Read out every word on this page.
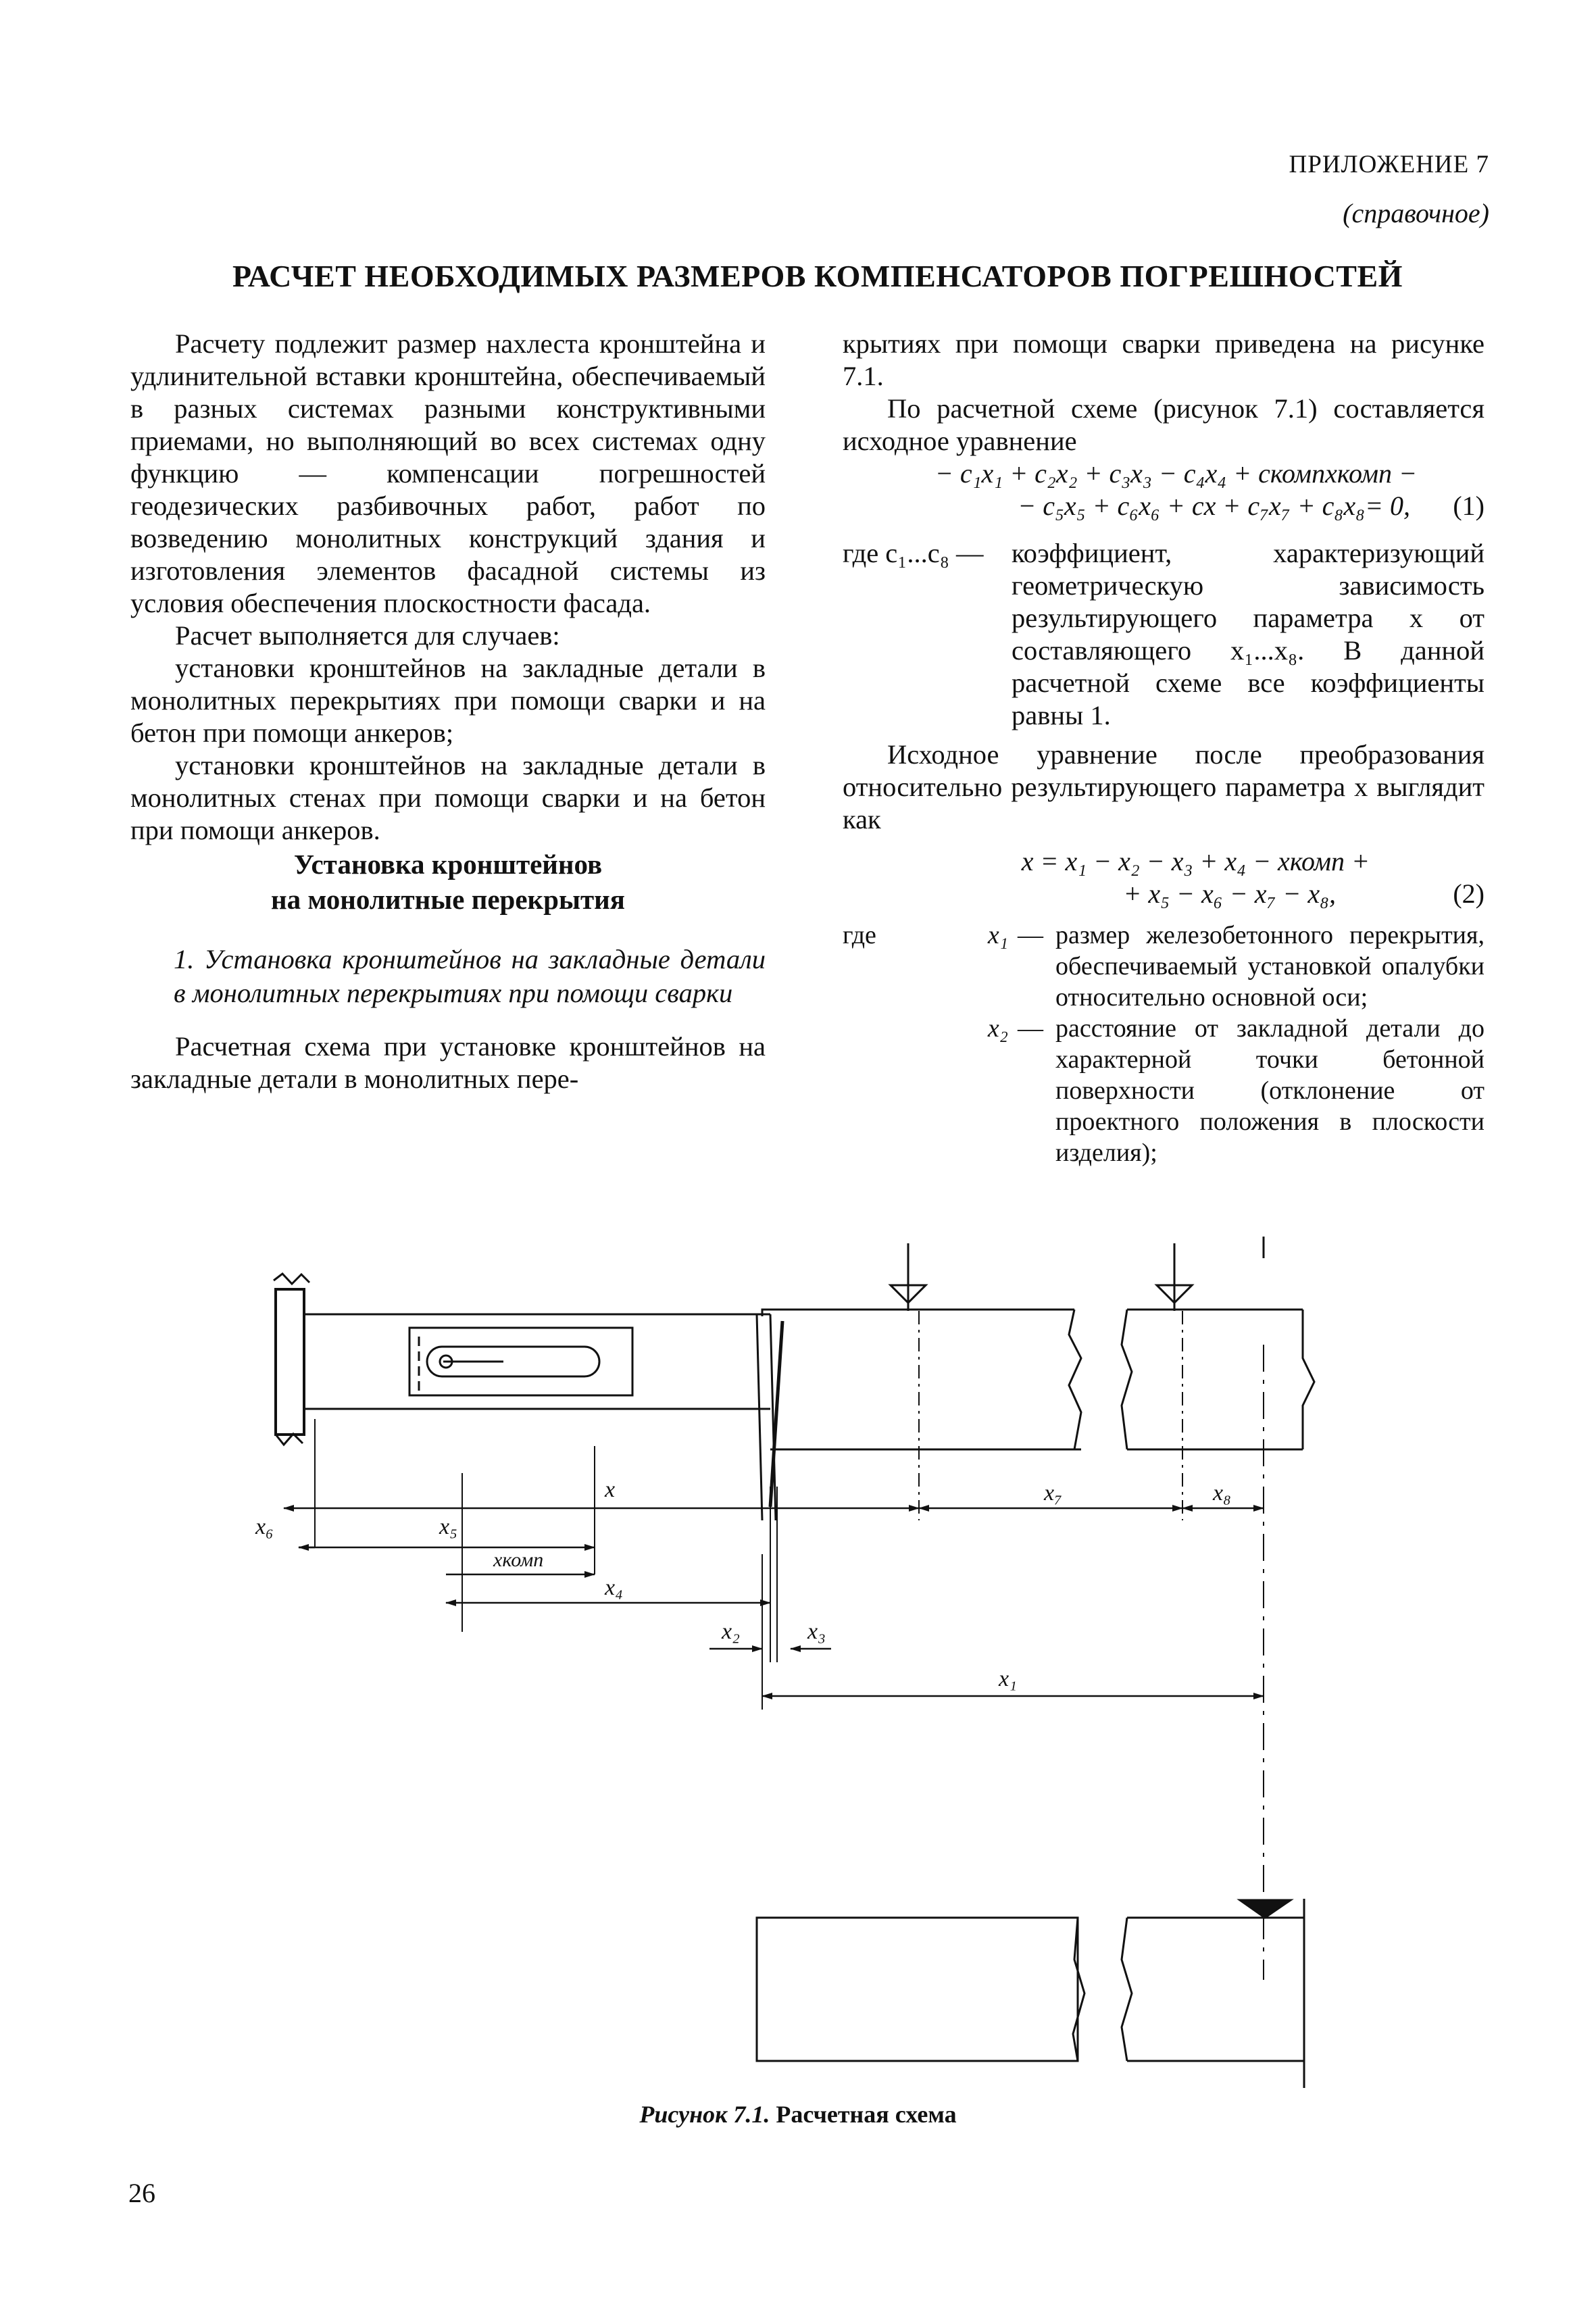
ПРИЛОЖЕНИЕ 7
(справочное)
РАСЧЕТ НЕОБХОДИМЫХ РАЗМЕРОВ КОМПЕНСАТОРОВ ПОГРЕШНОСТЕЙ

Расчету подлежит размер нахлеста кронштейна и удлинительной вставки кронштейна, обеспечиваемый в разных системах разными конструктивными приемами, но выполняющий во всех системах одну функцию — компенсации погрешностей геодезических разбивочных работ, работ по возведению монолитных конструкций здания и изготовления элементов фасадной системы из условия обеспечения плоскостности фасада.

Расчет выполняется для случаев:

установки кронштейнов на закладные детали в монолитных перекрытиях при помощи сварки и на бетон при помощи анкеров;

установки кронштейнов на закладные детали в монолитных стенах при помощи сварки и на бетон при помощи анкеров.

Установка кронштейнов
на монолитные перекрытия

1. Установка кронштейнов на закладные детали в монолитных перекрытиях при помощи сварки

Расчетная схема при установке кронштейнов на закладные детали в монолитных пере-

крытиях при помощи сварки приведена на рисунке 7.1.

По расчетной схеме (рисунок 7.1) составляется исходное уравнение

− c₁x₁ + c₂x₂ + c₃x₃ − c₄x₄ + cкомпxкомп −
− c₅x₅ + c₆x₆ + cx + c₇x₇ + c₈x₈= 0, (1)
где c₁...c₈ —	коэффициент, характеризующий геометрическую зависимость результирующего параметра x от составляющего x₁...x₈. В данной расчетной схеме все коэффициенты равны 1.

Исходное уравнение после преобразования относительно результирующего параметра x выглядит как

x = x₁ − x₂ − x₃ + x₄ − xкомп +
+ x₅ − x₆ − x₇ − x₈,	(2)
где	x₁ — размер железобетонного перекрытия, обеспечиваемый установкой опалубки относительно основной оси;
x₂ — расстояние от закладной детали до характерной точки бетонной поверхности (отклонение от проектного положения в плоскости изделия);
x	x₇	x₈
x₆	x₅
xкомп
x₄
x₂	x₃
x₁
Рисунок 7.1. Расчетная схема
26
